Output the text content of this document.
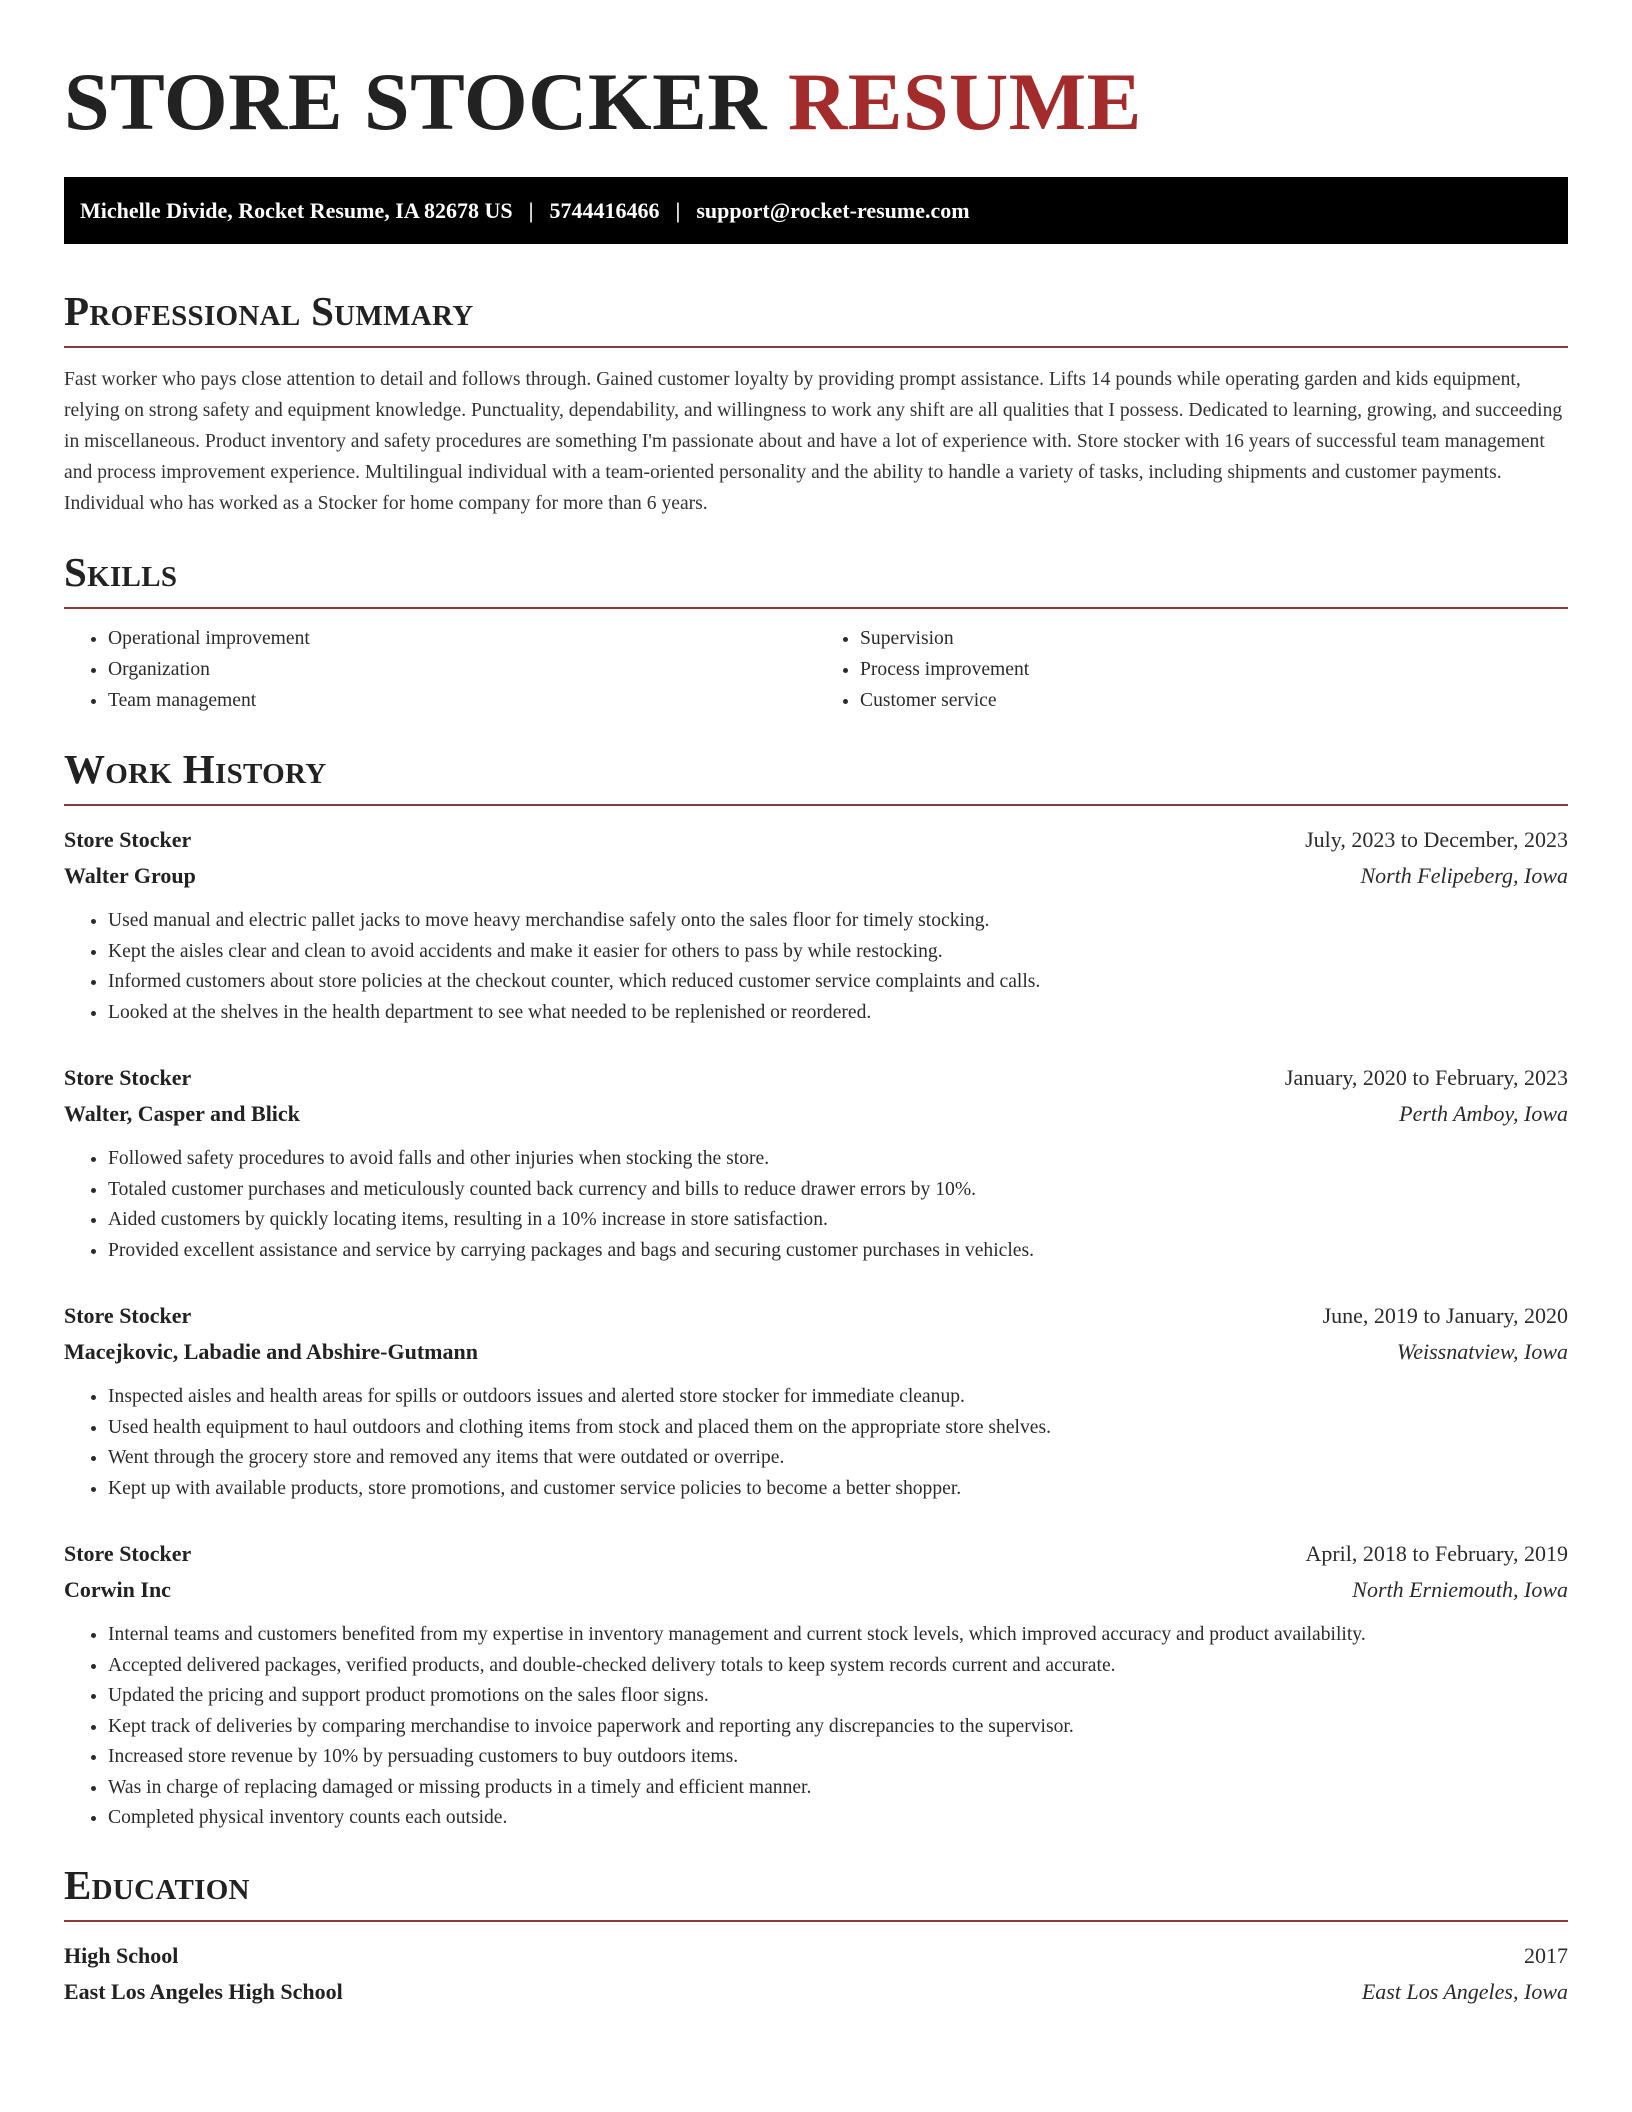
STORE STOCKER RESUME
Michelle Divide, Rocket Resume, IA 82678 US | 5744416466 | support@rocket-resume.com
Professional Summary

Fast worker who pays close attention to detail and follows through. Gained customer loyalty by providing prompt assistance. Lifts 14 pounds while operating garden and kids equipment, relying on strong safety and equipment knowledge. Punctuality, dependability, and willingness to work any shift are all qualities that I possess. Dedicated to learning, growing, and succeeding in miscellaneous. Product inventory and safety procedures are something I'm passionate about and have a lot of experience with. Store stocker with 16 years of successful team management and process improvement experience. Multilingual individual with a team-oriented personality and the ability to handle a variety of tasks, including shipments and customer payments. Individual who has worked as a Stocker for home company for more than 6 years.

Skills
• Operational improvement
• Organization
• Team management
• Supervision
• Process improvement
• Customer service
Work History
Store Stocker	July, 2023 to December, 2023
Walter Group	North Felipeberg, Iowa
• Used manual and electric pallet jacks to move heavy merchandise safely onto the sales floor for timely stocking.
• Kept the aisles clear and clean to avoid accidents and make it easier for others to pass by while restocking.
• Informed customers about store policies at the checkout counter, which reduced customer service complaints and calls.
• Looked at the shelves in the health department to see what needed to be replenished or reordered.
Store Stocker	January, 2020 to February, 2023
Walter, Casper and Blick	Perth Amboy, Iowa
• Followed safety procedures to avoid falls and other injuries when stocking the store.
• Totaled customer purchases and meticulously counted back currency and bills to reduce drawer errors by 10%.
• Aided customers by quickly locating items, resulting in a 10% increase in store satisfaction.
• Provided excellent assistance and service by carrying packages and bags and securing customer purchases in vehicles.
Store Stocker	June, 2019 to January, 2020
Macejkovic, Labadie and Abshire-Gutmann	Weissnatview, Iowa
• Inspected aisles and health areas for spills or outdoors issues and alerted store stocker for immediate cleanup.
• Used health equipment to haul outdoors and clothing items from stock and placed them on the appropriate store shelves.
• Went through the grocery store and removed any items that were outdated or overripe.
• Kept up with available products, store promotions, and customer service policies to become a better shopper.
Store Stocker	April, 2018 to February, 2019
Corwin Inc	North Erniemouth, Iowa
• Internal teams and customers benefited from my expertise in inventory management and current stock levels, which improved accuracy and product availability.
• Accepted delivered packages, verified products, and double-checked delivery totals to keep system records current and accurate.
• Updated the pricing and support product promotions on the sales floor signs.
• Kept track of deliveries by comparing merchandise to invoice paperwork and reporting any discrepancies to the supervisor.
• Increased store revenue by 10% by persuading customers to buy outdoors items.
• Was in charge of replacing damaged or missing products in a timely and efficient manner.
• Completed physical inventory counts each outside.
Education
High School	2017
East Los Angeles High School	East Los Angeles, Iowa
